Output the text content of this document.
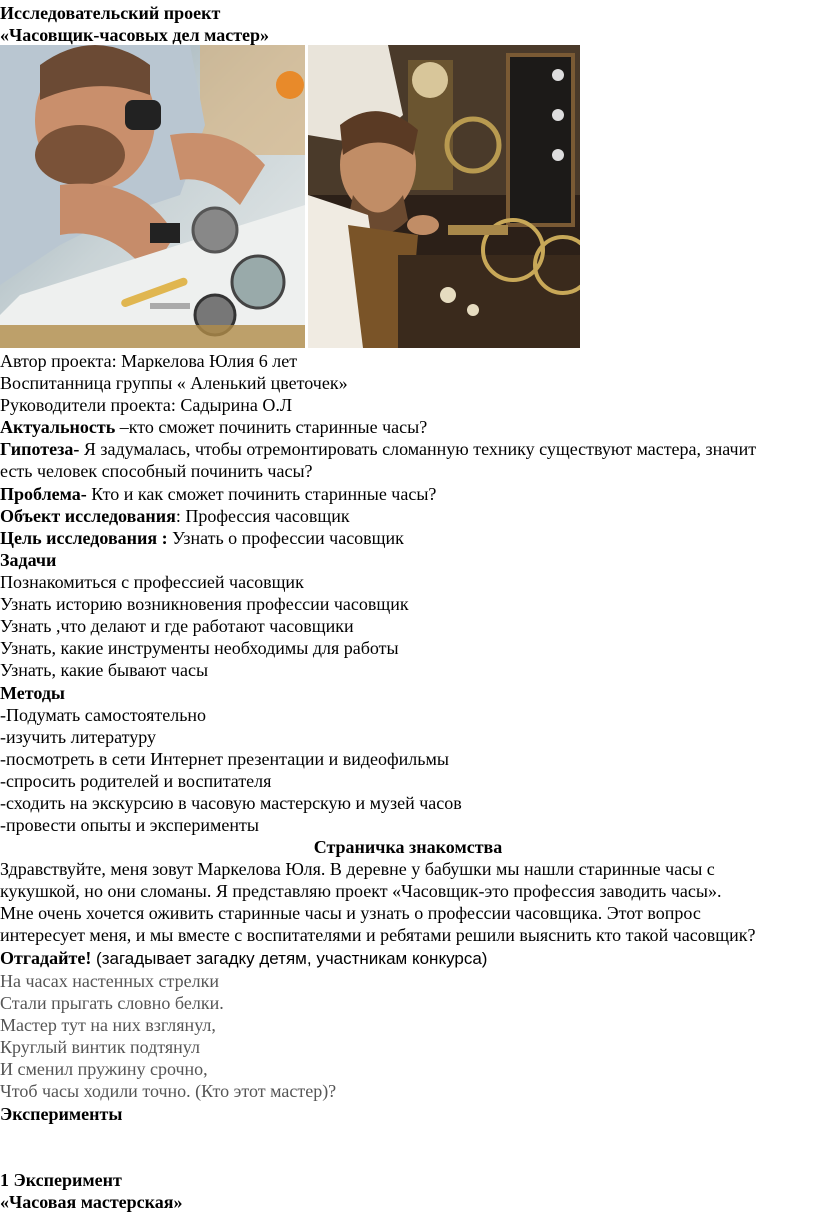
Исследовательский проект
«Часовщик-часовых дел мастер»
Автор проекта: Маркелова Юлия 6 лет
Воспитанница группы « Аленький цветочек»
Руководители проекта: Садырина О.Л
Актуальность –кто сможет починить старинные часы?
Гипотеза- Я задумалась, чтобы отремонтировать сломанную технику существуют мастера, значит
есть человек способный починить часы?
Проблема- Кто и как сможет починить старинные часы?
Объект исследования: Профессия часовщик
Цель исследования : Узнать о профессии часовщик
Задачи
Познакомиться с профессией часовщик
Узнать историю возникновения профессии часовщик
Узнать ,что делают и где работают часовщики
Узнать, какие инструменты необходимы для работы
Узнать, какие бывают часы
Методы
-Подумать самостоятельно
-изучить литературу
-посмотреть в сети Интернет презентации и видеофильмы
-спросить родителей и воспитателя
-сходить на экскурсию в часовую мастерскую и музей часов
-провести опыты и эксперименты
Страничка знакомства
Здравствуйте, меня зовут Маркелова Юля. В деревне у бабушки мы нашли старинные часы с
кукушкой, но они сломаны. Я представляю проект «Часовщик-это профессия заводить часы».
Мне очень хочется оживить старинные часы и узнать о профессии часовщика. Этот вопрос
интересует меня, и мы вместе с воспитателями и ребятами решили выяснить кто такой часовщик?
Отгадайте! (загадывает загадку детям, участникам конкурса)
На часах настенных стрелки
Стали прыгать словно белки.
Мастер тут на них взглянул,
Круглый винтик подтянул
И сменил пружину срочно,
Чтоб часы ходили точно. (Кто этот мастер)?
Эксперименты
1 Эксперимент
«Часовая мастерская»
